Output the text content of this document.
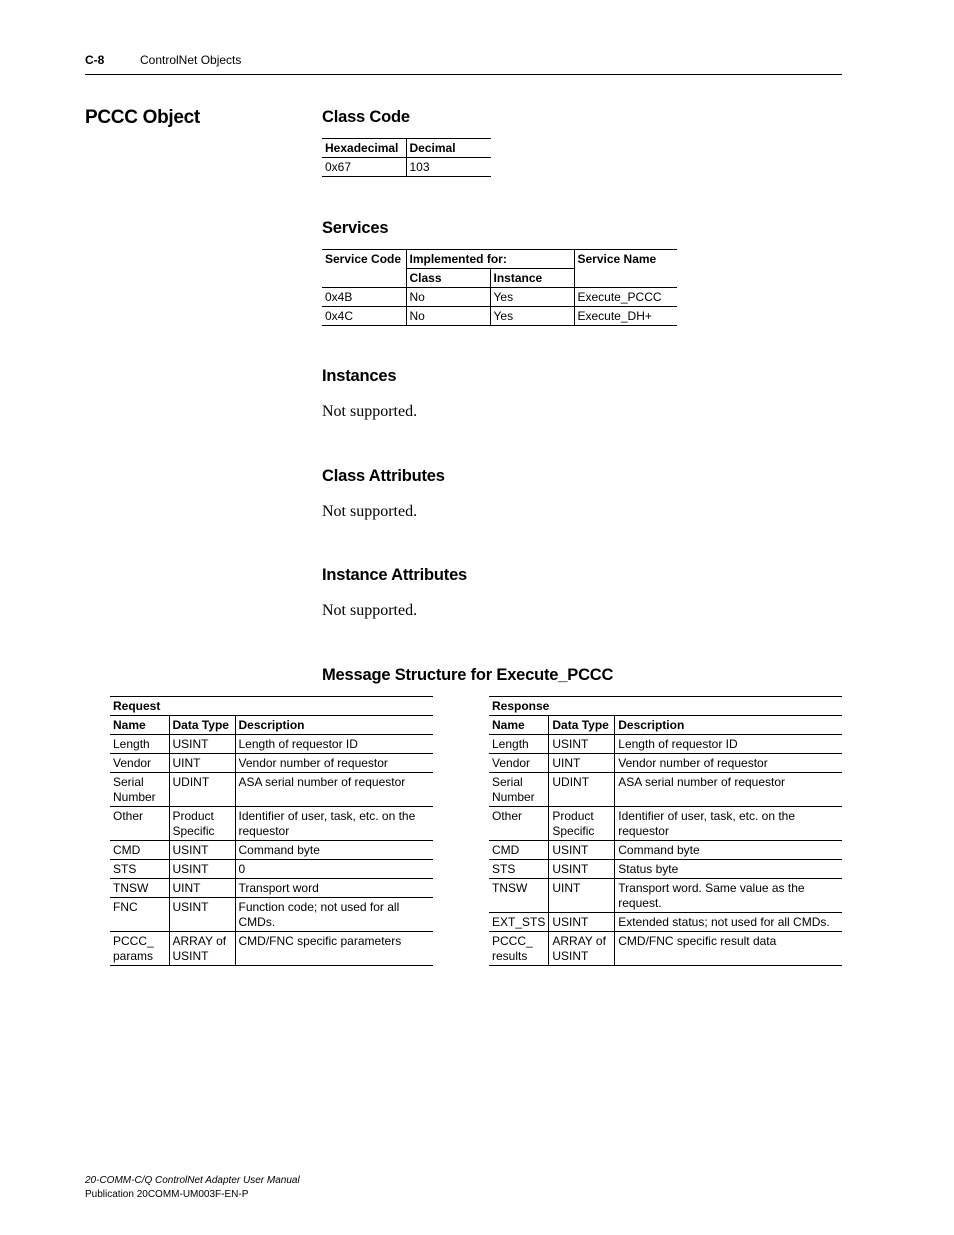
C-8	ControlNet Objects
PCCC Object	Class Code
Hexadecimal	Decimal
0x67	103
Services
Service Code	Implemented for:		Service Name
	Class	Instance	
0x4B	No	Yes	Execute_PCCC
0x4C	No	Yes	Execute_DH+
Instances
Not supported.
Class Attributes
Not supported.
Instance Attributes
Not supported.
Message Structure for Execute_PCCC
Request		
Name	Data Type	Description
Length	USINT	Length of requestor ID
Vendor	UINT	Vendor number of requestor
Serial Number	UDINT	ASA serial number of requestor
Other	Product Specific	Identifier of user, task, etc. on the requestor
CMD	USINT	Command byte
STS	USINT	0
TNSW	UINT	Transport word
FNC	USINT	Function code; not used for all CMDs.
PCCC_ params	ARRAY of USINT	CMD/FNC specific parameters
Response		
Name	Data Type	Description
Length	USINT	Length of requestor ID
Vendor	UINT	Vendor number of requestor
Serial Number	UDINT	ASA serial number of requestor
Other	Product Specific	Identifier of user, task, etc. on the requestor
CMD	USINT	Command byte
STS	USINT	Status byte
TNSW	UINT	Transport word. Same value as the request.
EXT_STS	USINT	Extended status; not used for all CMDs.
PCCC_ results	ARRAY of USINT	CMD/FNC specific result data
20-COMM-C/Q ControlNet Adapter User Manual
Publication 20COMM-UM003F-EN-P
